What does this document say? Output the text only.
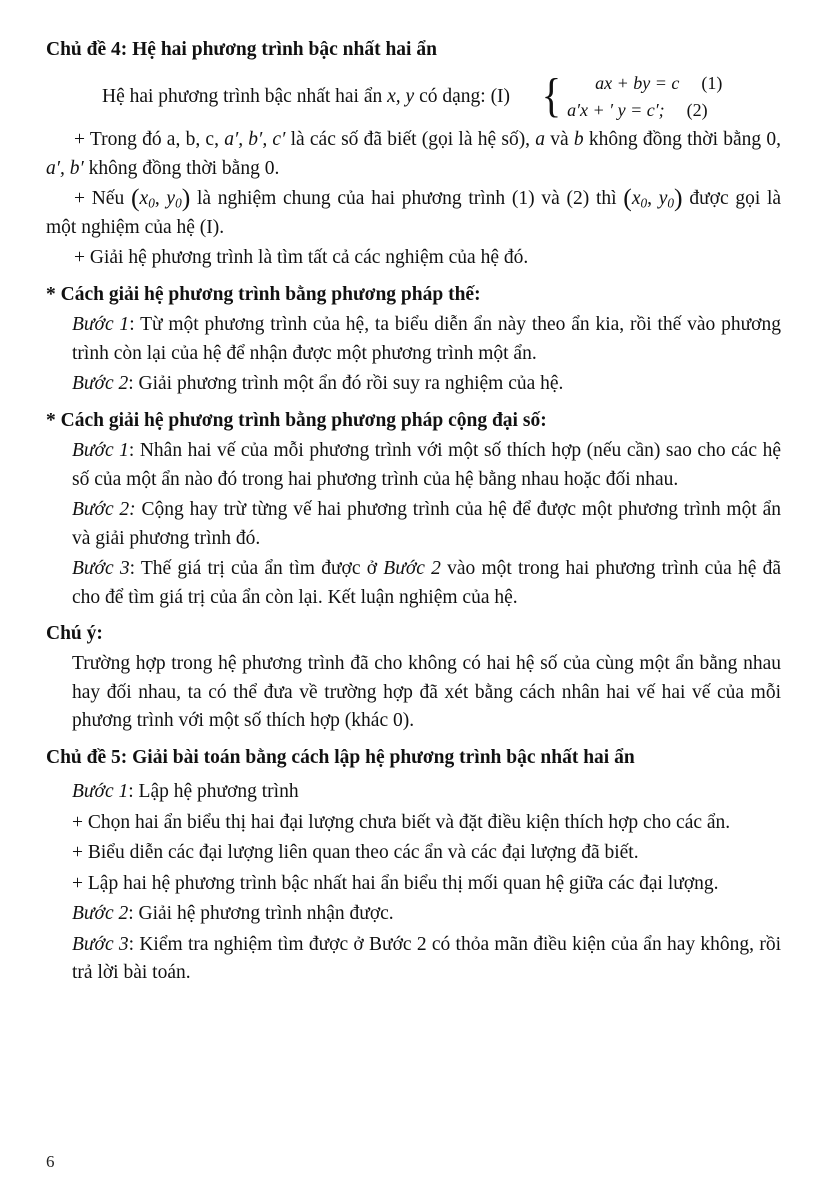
Chủ đề 4: Hệ hai phương trình bậc nhất hai ẩn
Hệ hai phương trình bậc nhất hai ẩn x, y có dạng: (I) {	ax + by = c (1)
a′x + ′ y = c′; (2)
+ Trong đó a, b, c, a′, b′, c′ là các số đã biết (gọi là hệ số), a và b không đồng thời bằng 0, a′, b′ không đồng thời bằng 0.
+ Nếu ($x_0$, $y_0$) là nghiệm chung của hai phương trình (1) và (2) thì ($x_0$, $y_0$) được gọi là một nghiệm của hệ (I).
+ Giải hệ phương trình là tìm tất cả các nghiệm của hệ đó.
* Cách giải hệ phương trình bằng phương pháp thế:
Bước 1: Từ một phương trình của hệ, ta biểu diễn ẩn này theo ẩn kia, rồi thế vào phương trình còn lại của hệ để nhận được một phương trình một ẩn.
Bước 2: Giải phương trình một ẩn đó rồi suy ra nghiệm của hệ.
* Cách giải hệ phương trình bằng phương pháp cộng đại số:
Bước 1: Nhân hai vế của mỗi phương trình với một số thích hợp (nếu cần) sao cho các hệ số của một ẩn nào đó trong hai phương trình của hệ bằng nhau hoặc đối nhau.
Bước 2: Cộng hay trừ từng vế hai phương trình của hệ để được một phương trình một ẩn và giải phương trình đó.
Bước 3: Thế giá trị của ẩn tìm được ở Bước 2 vào một trong hai phương trình của hệ đã cho để tìm giá trị của ẩn còn lại. Kết luận nghiệm của hệ.
Chú ý:
Trường hợp trong hệ phương trình đã cho không có hai hệ số của cùng một ẩn bằng nhau hay đối nhau, ta có thể đưa về trường hợp đã xét bằng cách nhân hai vế hai vế của mỗi phương trình với một số thích hợp (khác 0).
Chủ đề 5: Giải bài toán bằng cách lập hệ phương trình bậc nhất hai ẩn
Bước 1: Lập hệ phương trình
+ Chọn hai ẩn biểu thị hai đại lượng chưa biết và đặt điều kiện thích hợp cho các ẩn.
+ Biểu diễn các đại lượng liên quan theo các ẩn và các đại lượng đã biết.
+ Lập hai hệ phương trình bậc nhất hai ẩn biểu thị mối quan hệ giữa các đại lượng.
Bước 2: Giải hệ phương trình nhận được.
Bước 3: Kiểm tra nghiệm tìm được ở Bước 2 có thỏa mãn điều kiện của ẩn hay không, rồi trả lời bài toán.
6
